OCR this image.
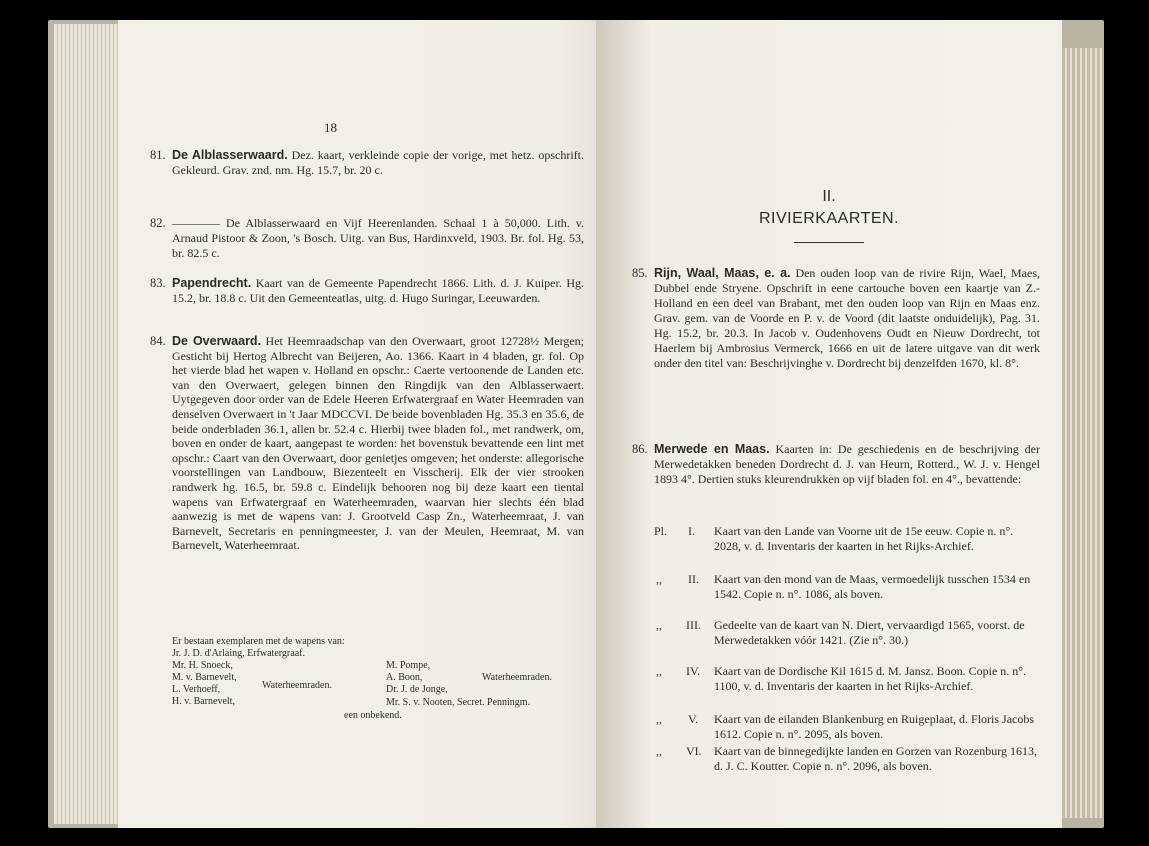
18
81. De Alblasserwaard. Dez. kaart, verkleinde copie der vorige, met hetz. opschrift. Gekleurd. Grav. znd. nm. Hg. 15.7, br. 20 c.
82. ———— De Alblasserwaard en Vijf Heerenlanden. Schaal 1 à 50,000. Lith. v. Arnaud Pistoor & Zoon, 's Bosch. Uitg. van Bus, Hardinxveld, 1903. Br. fol. Hg. 53, br. 82.5 c.
83. Papendrecht. Kaart van de Gemeente Papendrecht 1866. Lith. d. J. Kuiper. Hg. 15.2, br. 18.8 c. Uit den Gemeenteatlas, uitg. d. Hugo Suringar, Leeuwarden.
84. De Overwaard. Het Heemraadschap van den Overwaart, groot 12728½ Mergen; Gesticht bij Hertog Albrecht van Beijeren, Ao. 1366. Kaart in 4 bladen, gr. fol. Op het vierde blad het wapen v. Holland en opschr.: Caerte vertoonende de Landen etc. van den Overwaert, gelegen binnen den Ringdijk van den Alblasserwaert. Uytgegeven door order van de Edele Heeren Erfwatergraaf en Water Heemraden van denselven Overwaert in 't Jaar MDCCVI. De beide bovenbladen Hg. 35.3 en 35.6, de beide onderbladen 36.1, allen br. 52.4 c. Hierbij twee bladen fol., met randwerk, om, boven en onder de kaart, aangepast te worden: het bovenstuk bevattende een lint met opschr.: Caart van den Overwaart, door genietjes omgeven; het onderste: allegorische voorstellingen van Landbouw, Biezenteelt en Visscherij. Elk der vier strooken randwerk hg. 16.5, br. 59.8 c. Eindelijk behooren nog bij deze kaart een tiental wapens van Erfwatergraaf en Waterheemraden, waarvan hier slechts één blad aanwezig is met de wapens van: J. Grootveld Casp Zn., Waterheemraat, J. van Barnevelt, Secretaris en penningmeester, J. van der Meulen, Heemraat, M. van Barnevelt, Waterheemraat.
Er bestaan exemplaren met de wapens van:
Jr. J. D. d'Arlaing, Erfwatergraaf.
Mr. H. Snoeck,
M. v. Barnevelt,
L. Verhoeff,
H. v. Barnevelt,
Waterheemraden.
M. Pompe,
A. Boon,
Dr. J. de Jonge,
Waterheemraden.
Mr. S. v. Nooten, Secret. Penningm.
een onbekend.
II.
RIVIERKAARTEN.
85. Rijn, Waal, Maas, e. a. Den ouden loop van de rivire Rijn, Wael, Maes, Dubbel ende Stryene. Opschrift in eene cartouche boven een kaartje van Z.-Holland en een deel van Brabant, met den ouden loop van Rijn en Maas enz. Grav. gem. van de Voorde en P. v. de Voord (dit laatste onduidelijk), Pag. 31. Hg. 15.2, br. 20.3. In Jacob v. Oudenhovens Oudt en Nieuw Dordrecht, tot Haerlem bij Ambrosius Vermerck, 1666 en uit de latere uitgave van dit werk onder den titel van: Beschrijvinghe v. Dordrecht bij denzelfden 1670, kl. 8°.
86. Merwede en Maas. Kaarten in: De geschiedenis en de beschrijving der Merwedetakken beneden Dordrecht d. J. van Heurn, Rotterd., W. J. v. Hengel 1893 4°. Dertien stuks kleurendrukken op vijf bladen fol. en 4°., bevattende:
Pl. I. Kaart van den Lande van Voorne uit de 15e eeuw. Copie n. n°. 2028, v. d. Inventaris der kaarten in het Rijks-Archief.
,, II. Kaart van den mond van de Maas, vermoedelijk tusschen 1534 en 1542. Copie n. n°. 1086, als boven.
,, III. Gedeelte van de kaart van N. Diert, vervaardigd 1565, voorst. de Merwedetakken vóór 1421. (Zie n°. 30.)
,, IV. Kaart van de Dordische Kil 1615 d. M. Jansz. Boon. Copie n. n°. 1100, v. d. Inventaris der kaarten in het Rijks-Archief.
,, V. Kaart van de eilanden Blankenburg en Ruigeplaat, d. Floris Jacobs 1612. Copie n. n°. 2095, als boven.
,, VI. Kaart van de binnegedijkte landen en Gorzen van Rozenburg 1613, d. J. C. Koutter. Copie n. n°. 2096, als boven.
